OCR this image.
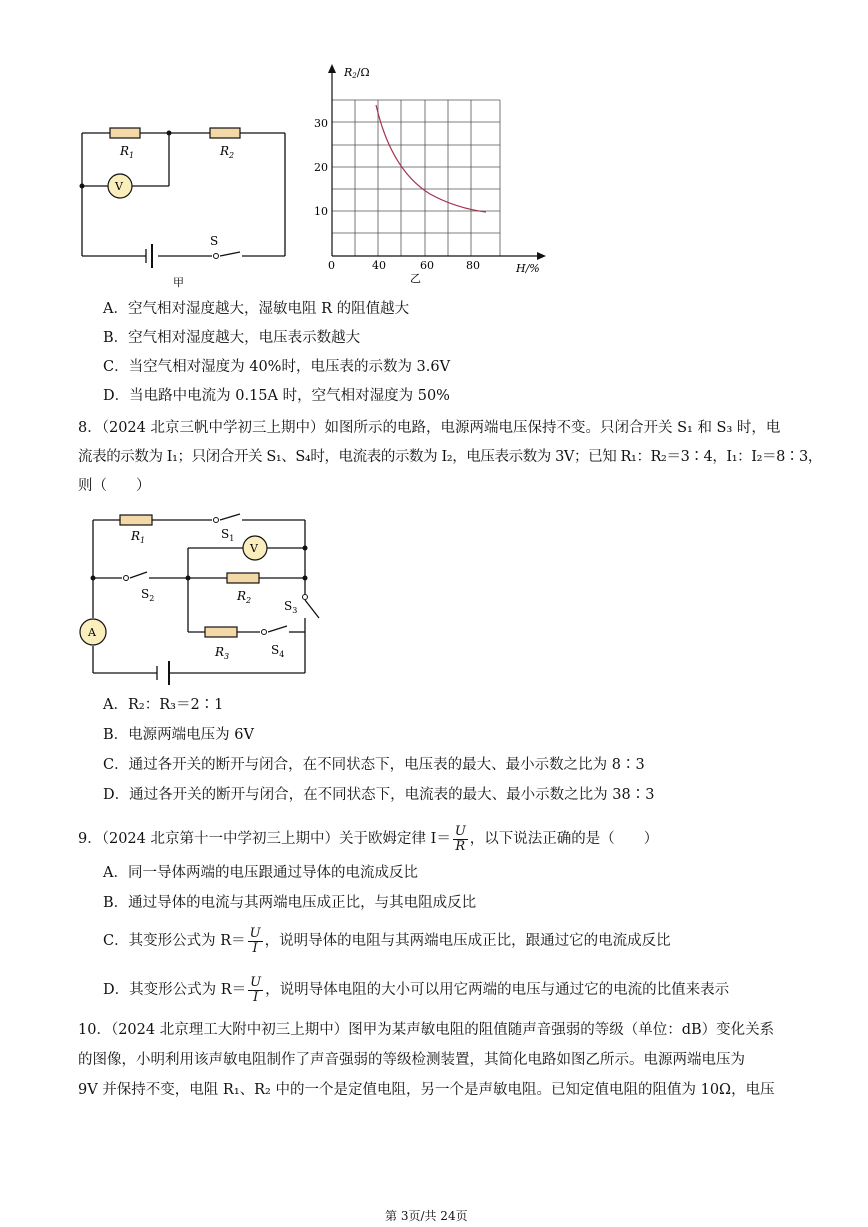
$R_1$	$R_2$
V
S
甲
R2/Ω
30
20
10
0	40	60	80	H/%
乙
A．空气相对湿度越大，湿敏电阻 R 的阻值越大
B．空气相对湿度越大，电压表示数越大
C．当空气相对湿度为 40%时，电压表的示数为 3.6V
D．当电路中电流为 0.15A 时，空气相对湿度为 50%
8．（2024 北京三帆中学初三上期中）如图所示的电路，电源两端电压保持不变。只闭合开关 S₁ 和 S₃ 时，电
流表的示数为 I₁；只闭合开关 S₁、S₄时，电流表的示数为 I₂，电压表示数为 3V；已知 R₁：R₂＝3∶4，I₁：I₂＝8∶3，
则（　　）
$R_1$	$S_1$
V
$S_2$	$R_2$	$S_3$
A
$R_3$	$S_4$
A．R₂：R₃＝2∶1
B．电源两端电压为 6V
C．通过各开关的断开与闭合，在不同状态下，电压表的最大、最小示数之比为 8∶3
D．通过各开关的断开与闭合，在不同状态下，电流表的最大、最小示数之比为 38∶3
9．（2024 北京第十一中学初三上期中）关于欧姆定律 $I= \frac{U}{R}$ ，以下说法正确的是（　　）
A．同一导体两端的电压跟通过导体的电流成反比
B．通过导体的电流与其两端电压成正比，与其电阻成反比
C．其变形公式为 $R= \frac{U}{I}$ ，说明导体的电阻与其两端电压成正比，跟通过它的电流成反比
D．其变形公式为 $R= \frac{U}{I}$ ，说明导体电阻的大小可以用它两端的电压与通过它的电流的比值来表示
10．（2024 北京理工大附中初三上期中）图甲为某声敏电阻的阻值随声音强弱的等级（单位：dB）变化关系
的图像，小明利用该声敏电阻制作了声音强弱的等级检测装置，其简化电路如图乙所示。电源两端电压为
9V 并保持不变，电阻 R₁、R₂ 中的一个是定值电阻，另一个是声敏电阻。已知定值电阻的阻值为 10Ω，电压
第 3页/共 24页
